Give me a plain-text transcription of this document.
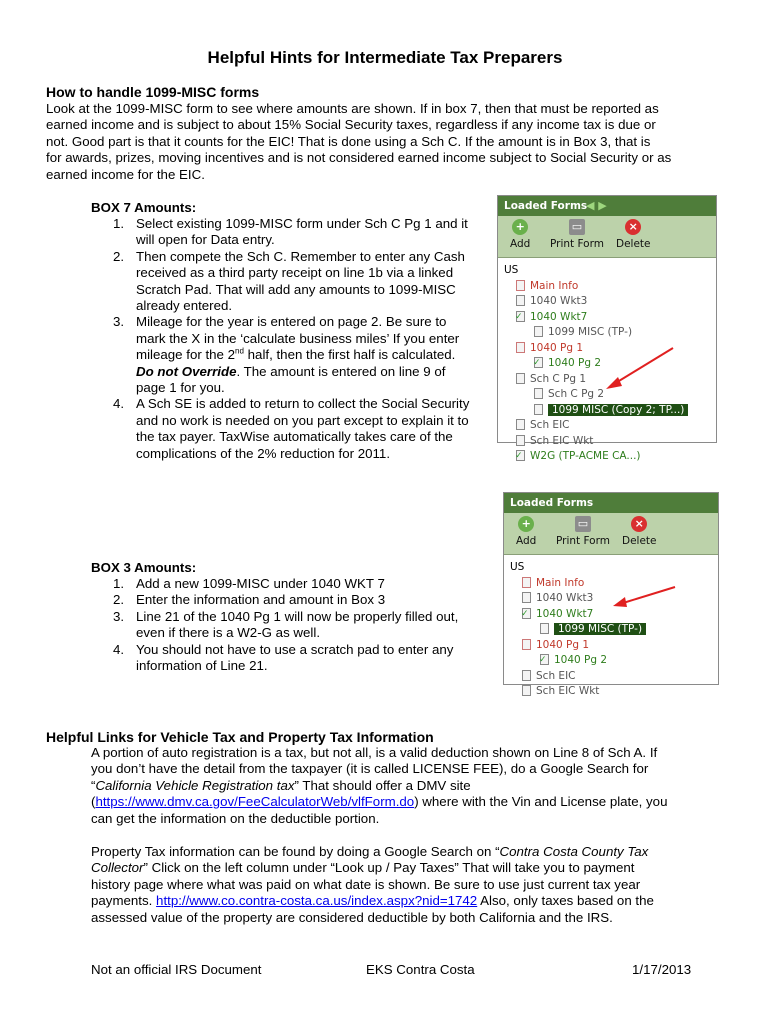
Helpful Hints for Intermediate Tax Preparers
How to handle 1099-MISC forms
Look at the 1099-MISC form to see where amounts are shown. If in box 7, then that must be reported as
earned income and is subject to about 15% Social Security taxes, regardless if any income tax is due or
not. Good part is that it counts for the EIC! That is done using a Sch C. If the amount is in Box 3, that is
for awards, prizes, moving incentives and is not considered earned income subject to Social Security or as
earned income for the EIC.
BOX 7 Amounts:
1. Select existing 1099-MISC form under Sch C Pg 1 and it
will open for Data entry.
2. Then compete the Sch C. Remember to enter any Cash
received as a third party receipt on line 1b via a linked
Scratch Pad. That will add any amounts to 1099-MISC
already entered.
3. Mileage for the year is entered on page 2. Be sure to
mark the X in the ‘calculate business miles’ If you enter
mileage for the 2nd half, then the first half is calculated.
Do not Override. The amount is entered on line 9 of
page 1 for you.
4. A Sch SE is added to return to collect the Social Security
and no work is needed on you part except to explain it to
the tax payer. TaxWise automatically takes care of the
complications of the 2% reduction for 2011.
Loaded Forms
◀ ▶
+
Add
▭
Print Form
×
Delete
US
Main Info
1040 Wkt3
✓1040 Wkt7
1099 MISC (TP-)
1040 Pg 1
✓1040 Pg 2
Sch C Pg 1
Sch C Pg 2
1099 MISC (Copy 2; TP...)
Sch EIC
Sch EIC Wkt
✓W2G (TP-ACME CA...)
Loaded Forms
+
Add
▭
Print Form
×
Delete
US
Main Info
1040 Wkt3
✓1040 Wkt7
1099 MISC (TP-)
1040 Pg 1
✓1040 Pg 2
Sch EIC
Sch EIC Wkt
BOX 3 Amounts:
1. Add a new 1099-MISC under 1040 WKT 7
2. Enter the information and amount in Box 3
3. Line 21 of the 1040 Pg 1 will now be properly filled out,
even if there is a W2-G as well.
4. You should not have to use a scratch pad to enter any
information of Line 21.
Helpful Links for Vehicle Tax and Property Tax Information
A portion of auto registration is a tax, but not all, is a valid deduction shown on Line 8 of Sch A. If
you don’t have the detail from the taxpayer (it is called LICENSE FEE), do a Google Search for
“California Vehicle Registration tax” That should offer a DMV site
(https://www.dmv.ca.gov/FeeCalculatorWeb/vlfForm.do) where with the Vin and License plate, you
can get the information on the deductible portion.
Property Tax information can be found by doing a Google Search on “Contra Costa County Tax
Collector” Click on the left column under “Look up / Pay Taxes” That will take you to payment
history page where what was paid on what date is shown. Be sure to use just current tax year
payments. http://www.co.contra-costa.ca.us/index.aspx?nid=1742 Also, only taxes based on the
assessed value of the property are considered deductible by both California and the IRS.
Not an official IRS Document	EKS Contra Costa	1/17/2013
